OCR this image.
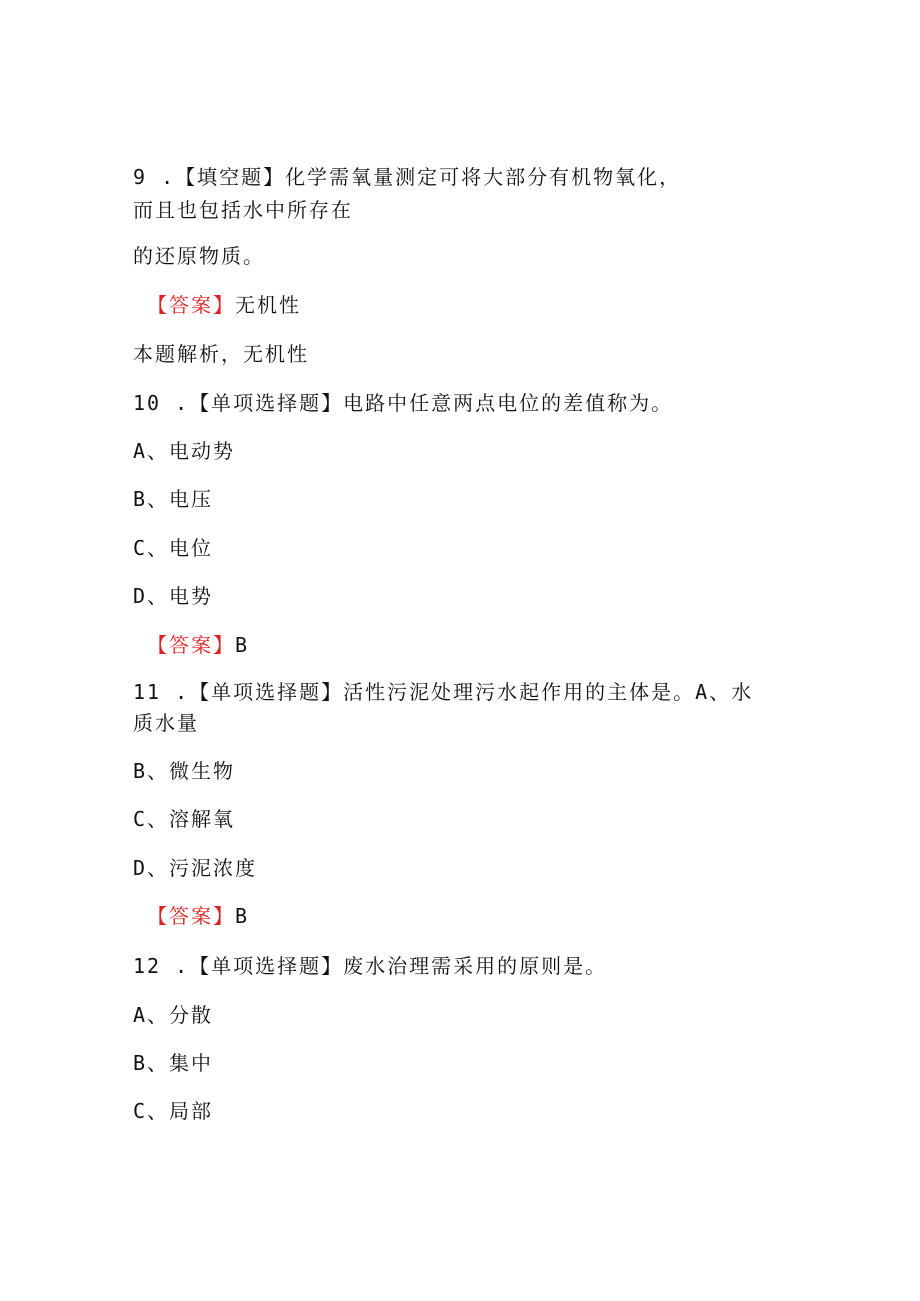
9 .【填空题】化学需氧量测定可将大部分有机物氧化，
而且也包括水中所存在
的还原物质。
【答案】无机性
本题解析，无机性
10 .【单项选择题】电路中任意两点电位的差值称为。
A、电动势
B、电压
C、电位
D、电势
【答案】B
11 .【单项选择题】活性污泥处理污水起作用的主体是。A、水
质水量
B、微生物
C、溶解氧
D、污泥浓度
【答案】B
12 .【单项选择题】废水治理需采用的原则是。
A、分散
B、集中
C、局部
